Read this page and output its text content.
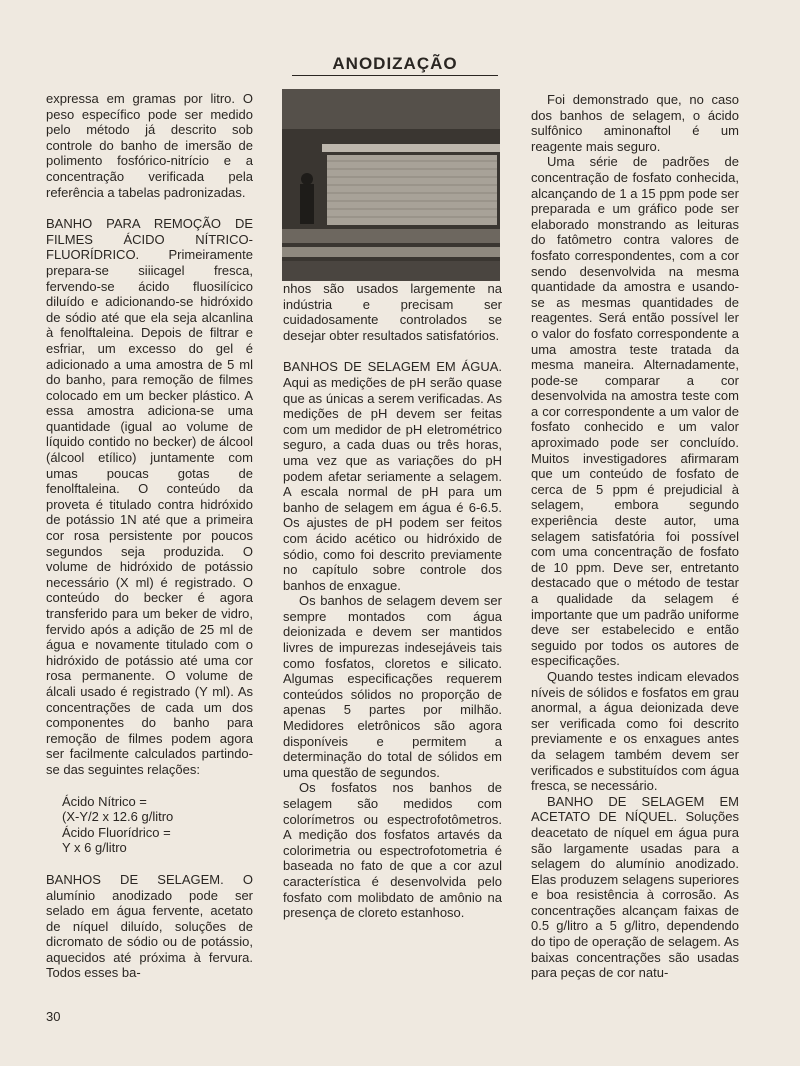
ANODIZAÇÃO

expressa em gramas por litro. O peso específico pode ser medido pelo método já descrito sob controle do banho de imersão de polimento fosfórico-nitrício e a concentração verificada pela referência a tabelas padronizadas.

BANHO PARA REMOÇÃO DE FILMES ÁCIDO NÍTRICO-FLUORÍDRICO. Primeiramente prepara-se siiicagel fresca, fervendo-se ácido fluosilícico diluído e adicionando-se hidróxido de sódio até que ela seja alcanlina à fenolftaleina. Depois de filtrar e esfriar, um excesso do gel é adicionado a uma amostra de 5 ml do banho, para remoção de filmes colocado em um becker plástico. A essa amostra adiciona-se uma quantidade (igual ao volume de líquido contido no becker) de álcool (álcool etílico) juntamente com umas poucas gotas de fenolftaleina. O conteúdo da proveta é titulado contra hidróxido de potássio 1N até que a primeira cor rosa persistente por poucos segundos seja produzida. O volume de hidróxido de potássio necessário (X ml) é registrado. O conteúdo do becker é agora transferido para um beker de vidro, fervido após a adição de 25 ml de água e novamente titulado com o hidróxido de potássio até uma cor rosa permanente. O volume de álcali usado é registrado (Y ml). As concentrações de cada um dos componentes do banho para remoção de filmes podem agora ser facilmente calculados partindo-se das seguintes relações:

Ácido Nítrico =
(X-Y/2 x 12.6 g/litro
Ácido Fluorídrico =
Y x 6 g/litro

BANHOS DE SELAGEM. O alumínio anodizado pode ser selado em água fervente, acetato de níquel diluído, soluções de dicromato de sódio ou de potássio, aquecidos até próxima à fervura. Todos esses ba-

nhos são usados largemente na indústria e precisam ser cuidadosamente controlados se desejar obter resultados satisfatórios.

BANHOS DE SELAGEM EM ÁGUA. Aqui as medições de pH serão quase que as únicas a serem verificadas. As medições de pH devem ser feitas com um medidor de pH eletrométrico seguro, a cada duas ou três horas, uma vez que as variações do pH podem afetar seriamente a selagem. A escala normal de pH para um banho de selagem em água é 6-6.5. Os ajustes de pH podem ser feitos com ácido acético ou hidróxido de sódio, como foi descrito previamente no capítulo sobre controle dos banhos de enxague.

Os banhos de selagem devem ser sempre montados com água deionizada e devem ser mantidos livres de impurezas indesejáveis tais como fosfatos, cloretos e silicato. Algumas especificações requerem conteúdos sólidos no proporção de apenas 5 partes por milhão. Medidores eletrônicos são agora disponíveis e permitem a determinação do total de sólidos em uma questão de segundos.

Os fosfatos nos banhos de selagem são medidos com colorímetros ou espectrofotômetros. A medição dos fosfatos artavés da colorimetria ou espectrofotometria é baseada no fato de que a cor azul característica é desenvolvida pelo fosfato com molibdato de amônio na presença de cloreto estanhoso.

Foi demonstrado que, no caso dos banhos de selagem, o ácido sulfônico aminonaftol é um reagente mais seguro.

Uma série de padrões de concentração de fosfato conhecida, alcançando de 1 a 15 ppm pode ser preparada e um gráfico pode ser elaborado monstrando as leituras do fatômetro contra valores de fosfato correspondentes, com a cor sendo desenvolvida na mesma quantidade da amostra e usando-se as mesmas quantidades de reagentes. Será então possível ler o valor do fosfato correspondente a uma amostra teste tratada da mesma maneira. Alternadamente, pode-se comparar a cor desenvolvida na amostra teste com a cor correspondente a um valor de fosfato conhecido e um valor aproximado pode ser concluído. Muitos investigadores afirmaram que um conteúdo de fosfato de cerca de 5 ppm é prejudicial à selagem, embora segundo experiência deste autor, uma selagem satisfatória foi possível com uma concentração de fosfato de 10 ppm. Deve ser, entretanto destacado que o método de testar a qualidade da selagem é importante que um padrão uniforme deve ser estabelecido e então seguido por todos os autores de especificações.

Quando testes indicam elevados níveis de sólidos e fosfatos em grau anormal, a água deionizada deve ser verificada como foi descrito previamente e os enxagues antes da selagem também devem ser verificados e substituídos com água fresca, se necessário.

BANHO DE SELAGEM EM ACETATO DE NÍQUEL. Soluções deacetato de níquel em água pura são largamente usadas para a selagem do alumínio anodizado. Elas produzem selagens superiores e boa resistência à corrosão. As concentrações alcançam faixas de 0.5 g/litro a 5 g/litro, dependendo do tipo de operação de selagem. As baixas concentrações são usadas para peças de cor natu-

30
